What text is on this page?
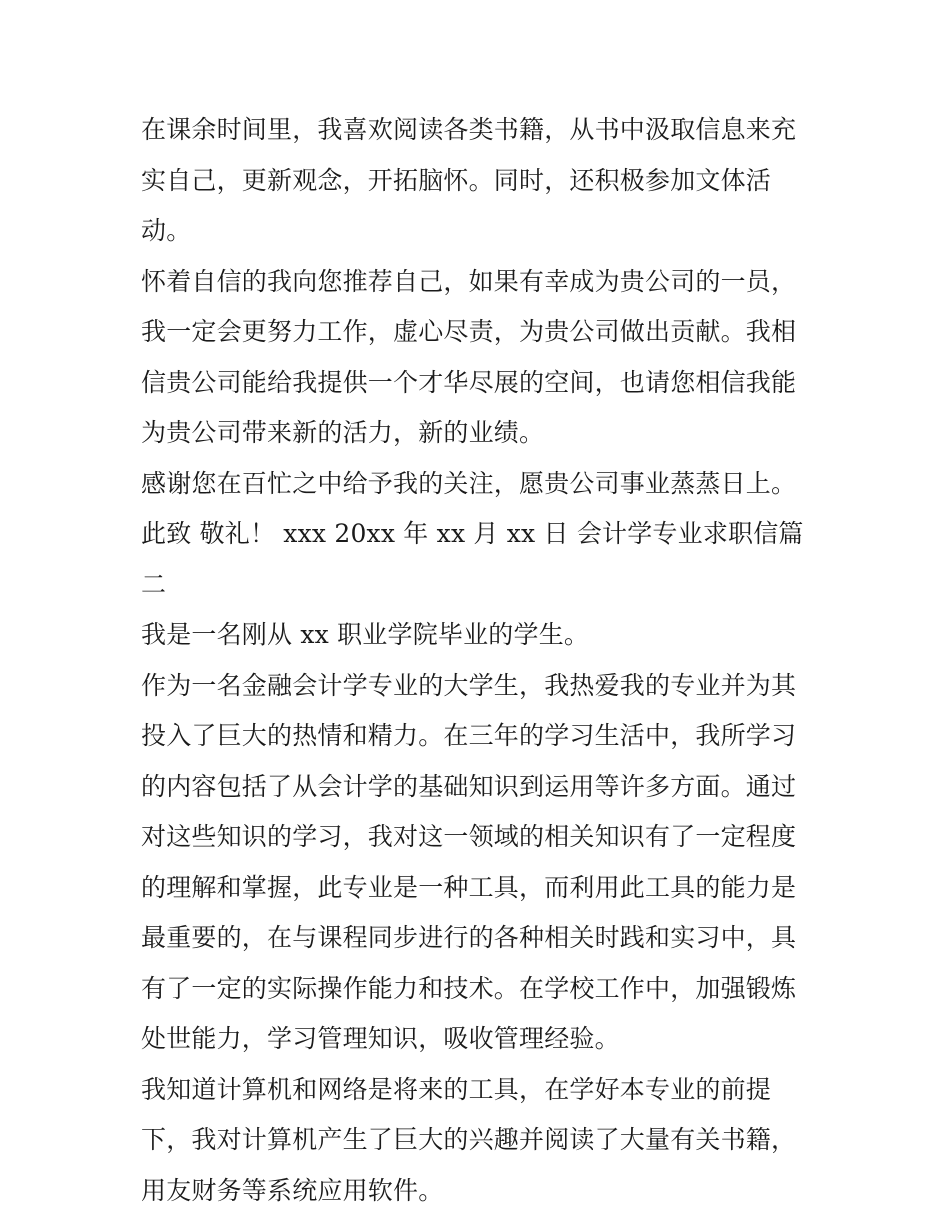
在课余时间里，我喜欢阅读各类书籍，从书中汲取信息来充实自己，更新观念，开拓脑怀。同时，还积极参加文体活动。

怀着自信的我向您推荐自己，如果有幸成为贵公司的一员，我一定会更努力工作，虚心尽责，为贵公司做出贡献。我相信贵公司能给我提供一个才华尽展的空间，也请您相信我能为贵公司带来新的活力，新的业绩。

感谢您在百忙之中给予我的关注，愿贵公司事业蒸蒸日上。

此致 敬礼！ xxx 20xx 年 xx 月 xx 日 会计学专业求职信篇二

我是一名刚从 xx 职业学院毕业的学生。

作为一名金融会计学专业的大学生，我热爱我的专业并为其投入了巨大的热情和精力。在三年的学习生活中，我所学习的内容包括了从会计学的基础知识到运用等许多方面。通过对这些知识的学习，我对这一领域的相关知识有了一定程度的理解和掌握，此专业是一种工具，而利用此工具的能力是最重要的，在与课程同步进行的各种相关时践和实习中，具有了一定的实际操作能力和技术。在学校工作中，加强锻炼处世能力，学习管理知识，吸收管理经验。

我知道计算机和网络是将来的工具，在学好本专业的前提下，我对计算机产生了巨大的兴趣并阅读了大量有关书籍，用友财务等系统应用软件。
